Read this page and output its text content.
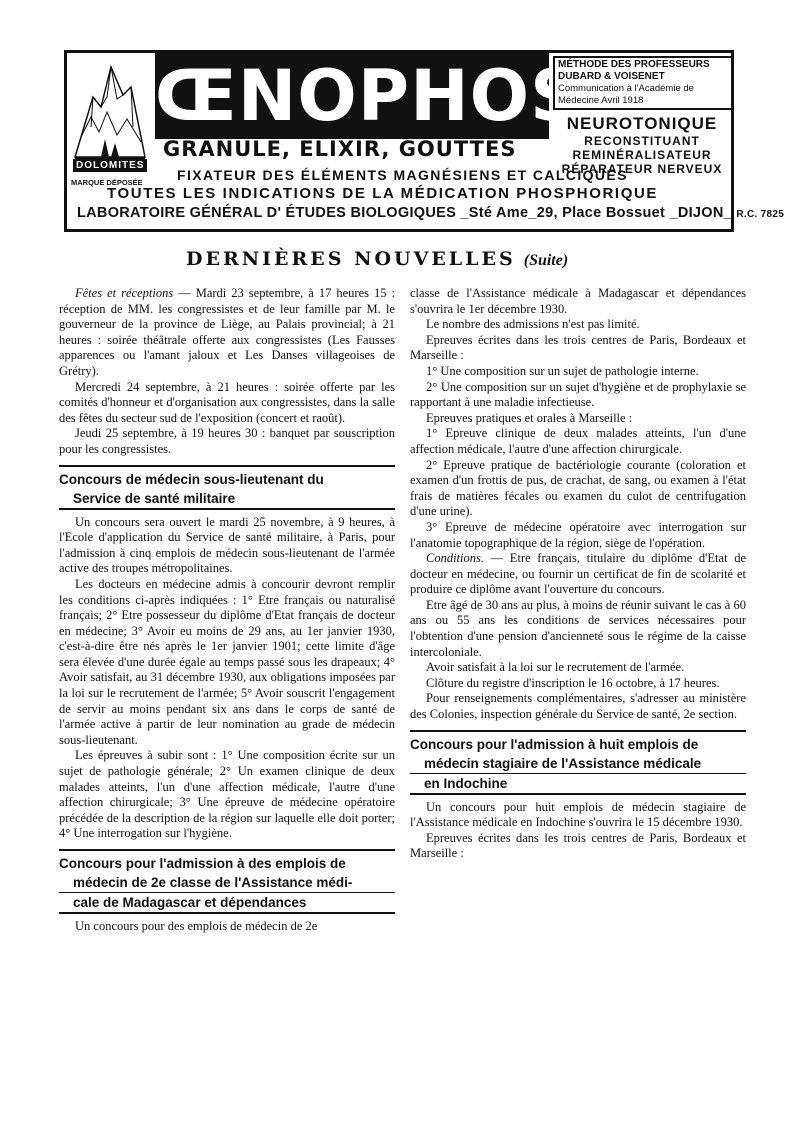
ŒNOPHOS
MÉTHODE DES PROFESSEURS DUBARD & VOISENET
Communication à l'Académie de Médecine Avril 1918
NEUROTONIQUE
RECONSTITUANT
REMINÉRALISATEUR
RÉPARATEUR NERVEUX
GRANULÉ, ÉLIXIR, GOUTTES
DOLOMITES
MARQUE DÉPOSÉE FIXATEUR DES ÉLÉMENTS MAGNÉSIENS ET CALCIQUES
TOUTES LES INDICATIONS DE LA MÉDICATION PHOSPHORIQUE
LABORATOIRE GÉNÉRAL D' ÉTUDES BIOLOGIQUES _Sté Ame_29, Place Bossuet _DIJON_ R.C. 7825
DERNIÈRES NOUVELLES (Suite)

Fêtes et réceptions — Mardi 23 septembre, à 17 heures 15 : réception de MM. les congressistes et de leur famille par M. le gouverneur de la province de Liège, au Palais provincial; à 21 heures : soirée théâtrale offerte aux congressistes (Les Fausses apparences ou l'amant jaloux et Les Danses villageoises de Grétry).

Mercredi 24 septembre, à 21 heures : soirée offerte par les comités d'honneur et d'organisation aux congressistes, dans la salle des fêtes du secteur sud de l'exposition (concert et raoût).

Jeudi 25 septembre, à 19 heures 30 : banquet par souscription pour les congressistes.

Concours de médecin sous-lieutenant du
Service de santé militaire

Un concours sera ouvert le mardi 25 novembre, à 9 heures, à l'Ecole d'application du Service de santé militaire, à Paris, pour l'admission à cinq emplois de médecin sous-lieutenant de l'armée active des troupes métropolitaines.

Les docteurs en médecine admis à concourir devront remplir les conditions ci-après indiquées : 1° Etre français ou naturalisé français; 2° Etre possesseur du diplôme d'Etat français de docteur en médecine; 3° Avoir eu moins de 29 ans, au 1er janvier 1930, c'est-à-dire être nés après le 1er janvier 1901; cette limite d'âge sera élevée d'une durée égale au temps passé sous les drapeaux; 4° Avoir satisfait, au 31 décembre 1930, aux obligations imposées par la loi sur le recrutement de l'armée; 5° Avoir souscrit l'engagement de servir au moins pendant six ans dans le corps de santé de l'armée active à partir de leur nomination au grade de médecin sous-lieutenant.

Les épreuves à subir sont : 1° Une composition écrite sur un sujet de pathologie générale; 2° Un examen clinique de deux malades atteints, l'un d'une affection médicale, l'autre d'une affection chirurgicale; 3° Une épreuve de médecine opératoire précédée de la description de la région sur laquelle elle doit porter; 4° Une interrogation sur l'hygiène.

Concours pour l'admission à des emplois de
médecin de 2e classe de l'Assistance médi-
cale de Madagascar et dépendances

Un concours pour des emplois de médecin de 2e

classe de l'Assistance médicale à Madagascar et dépendances s'ouvrira le 1er décembre 1930.

Le nombre des admissions n'est pas limité.

Epreuves écrites dans les trois centres de Paris, Bordeaux et Marseille :

1° Une composition sur un sujet de pathologie interne.

2° Une composition sur un sujet d'hygiène et de prophylaxie se rapportant à une maladie infectieuse.

Epreuves pratiques et orales à Marseille :

1° Epreuve clinique de deux malades atteints, l'un d'une affection médicale, l'autre d'une affection chirurgicale.

2° Epreuve pratique de bactériologie courante (coloration et examen d'un frottis de pus, de crachat, de sang, ou examen à l'état frais de matières fécales ou examen du culot de centrifugation d'une urine).

3° Epreuve de médecine opératoire avec interrogation sur l'anatomie topographique de la région, siège de l'opération.

Conditions. — Etre français, titulaire du diplôme d'Etat de docteur en médecine, ou fournir un certificat de fin de scolarité et produire ce diplôme avant l'ouverture du concours.

Etre âgé de 30 ans au plus, à moins de réunir suivant le cas à 60 ans ou 55 ans les conditions de services nécessaires pour l'obtention d'une pension d'ancienneté sous le régime de la caisse intercoloniale.

Avoir satisfait à la loi sur le recrutement de l'armée.

Clôture du registre d'inscription le 16 octobre, à 17 heures.

Pour renseignements complémentaires, s'adresser au ministère des Colonies, inspection générale du Service de santé, 2e section.

Concours pour l'admission à huit emplois de
médecin stagiaire de l'Assistance médicale
en Indochine

Un concours pour huit emplois de médecin stagiaire de l'Assistance médicale en Indochine s'ouvrira le 15 décembre 1930.

Epreuves écrites dans les trois centres de Paris, Bordeaux et Marseille :
